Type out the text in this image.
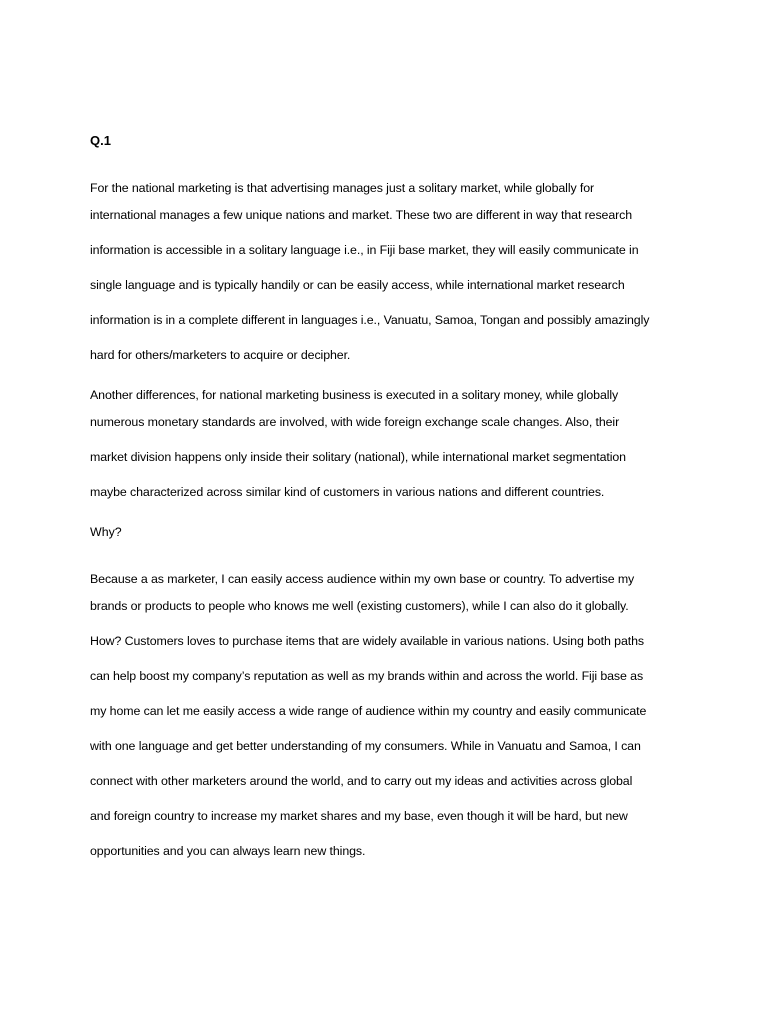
Q.1
For the national marketing is that advertising manages just a solitary market, while globally for
international manages a few unique nations and market. These two are different in way that research
information is accessible in a solitary language i.e., in Fiji base market, they will easily communicate in
single language and is typically handily or can be easily access, while international market research
information is in a complete different in languages i.e., Vanuatu, Samoa, Tongan and possibly amazingly
hard for others/marketers to acquire or decipher.
Another differences, for national marketing business is executed in a solitary money, while globally
numerous monetary standards are involved, with wide foreign exchange scale changes. Also, their
market division happens only inside their solitary (national), while international market segmentation
maybe characterized across similar kind of customers in various nations and different countries.
Why?
Because a as marketer, I can easily access audience within my own base or country. To advertise my
brands or products to people who knows me well (existing customers), while I can also do it globally.
How? Customers loves to purchase items that are widely available in various nations. Using both paths
can help boost my company’s reputation as well as my brands within and across the world. Fiji base as
my home can let me easily access a wide range of audience within my country and easily communicate
with one language and get better understanding of my consumers. While in Vanuatu and Samoa, I can
connect with other marketers around the world, and to carry out my ideas and activities across global
and foreign country to increase my market shares and my base, even though it will be hard, but new
opportunities and you can always learn new things.
